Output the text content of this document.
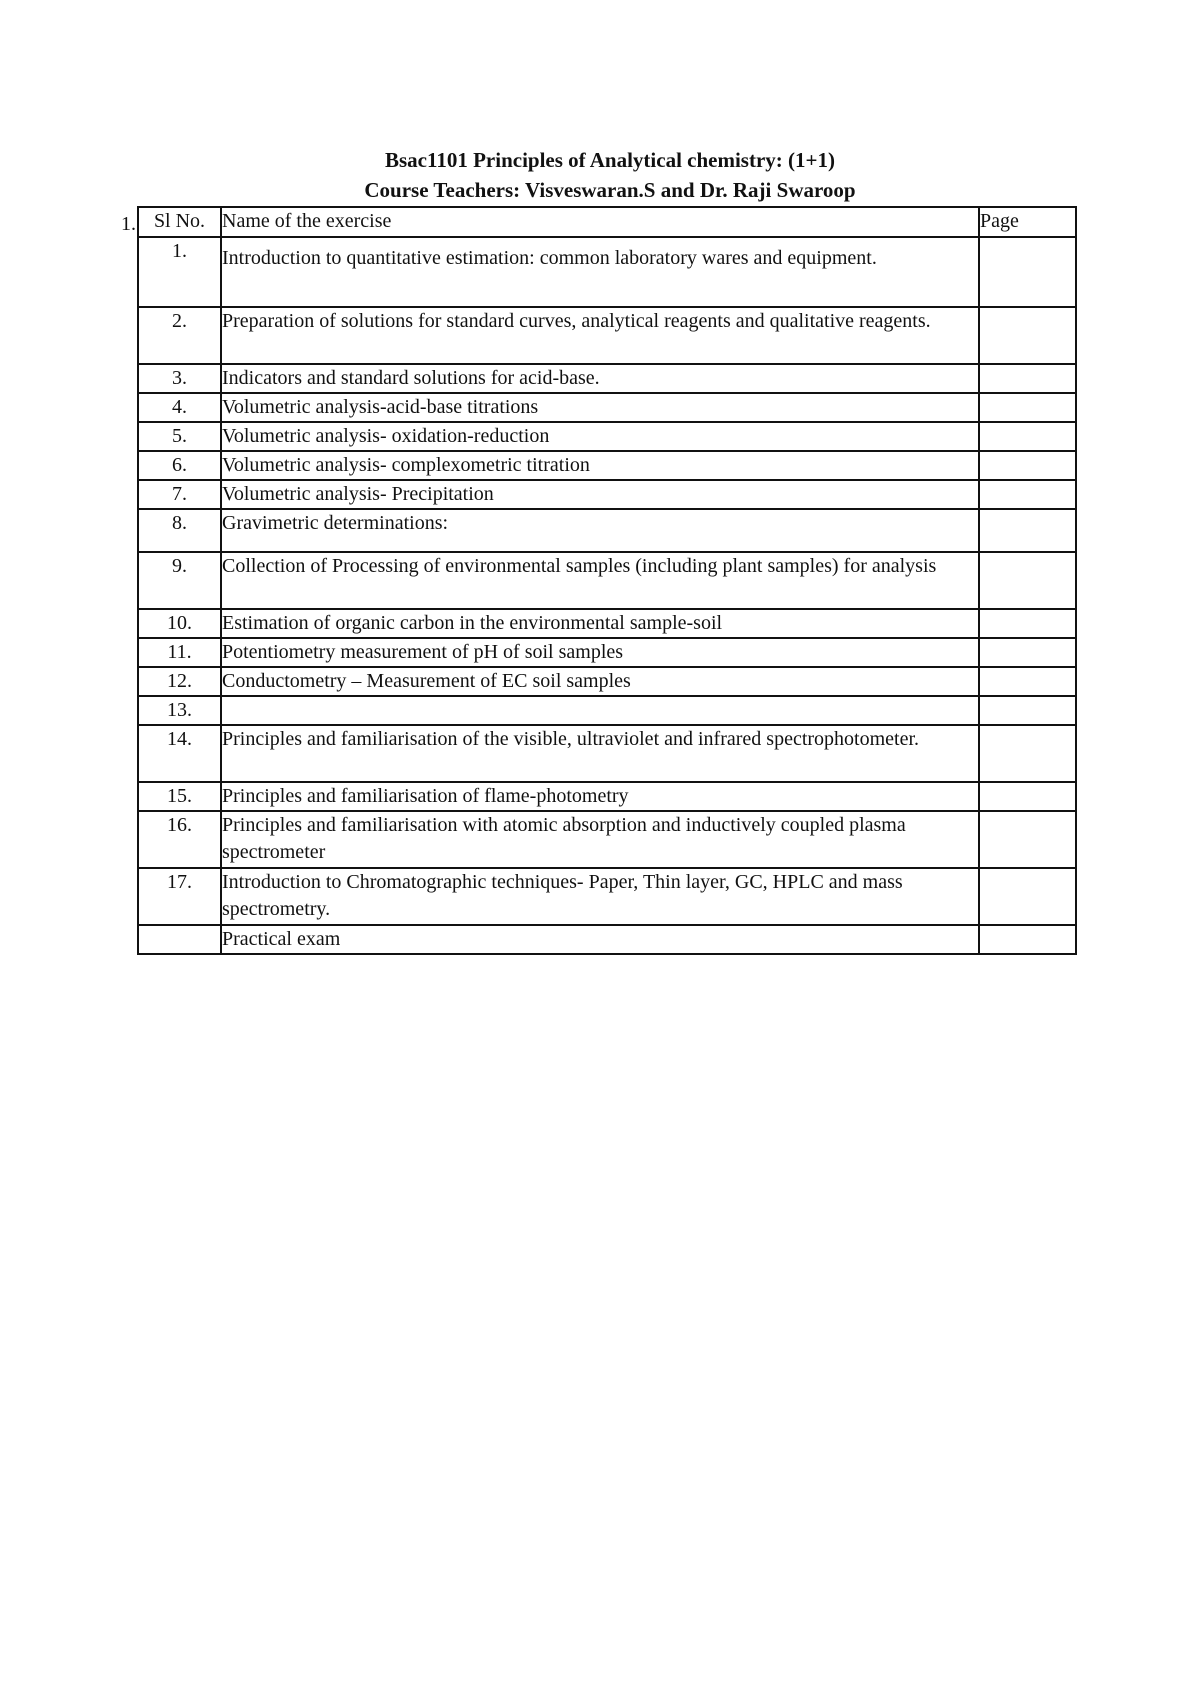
Bsac1101 Principles of Analytical chemistry: (1+1)
Course Teachers: Visveswaran.S and Dr. Raji Swaroop
1. Sl No.	Name of the exercise	Page
1.	Introduction to quantitative estimation: common laboratory wares and equipment.	
2.	Preparation of solutions for standard curves, analytical reagents and qualitative reagents.	
3.	Indicators and standard solutions for acid-base.	
4.	Volumetric analysis-acid-base titrations	
5.	Volumetric analysis- oxidation-reduction	
6.	Volumetric analysis- complexometric titration	
7.	Volumetric analysis- Precipitation	
8.	Gravimetric determinations:	
9.	Collection of Processing of environmental samples (including plant samples) for analysis	
10.	Estimation of organic carbon in the environmental sample-soil	
11.	Potentiometry measurement of pH of soil samples	
12.	Conductometry – Measurement of EC soil samples	
13.		
14.	Principles and familiarisation of the visible, ultraviolet and infrared spectrophotometer.	
15.	Principles and familiarisation of flame-photometry	
16.	Principles and familiarisation with atomic absorption and inductively coupled plasma spectrometer	
17.	Introduction to Chromatographic techniques- Paper, Thin layer, GC, HPLC and mass spectrometry.	
	Practical exam	
